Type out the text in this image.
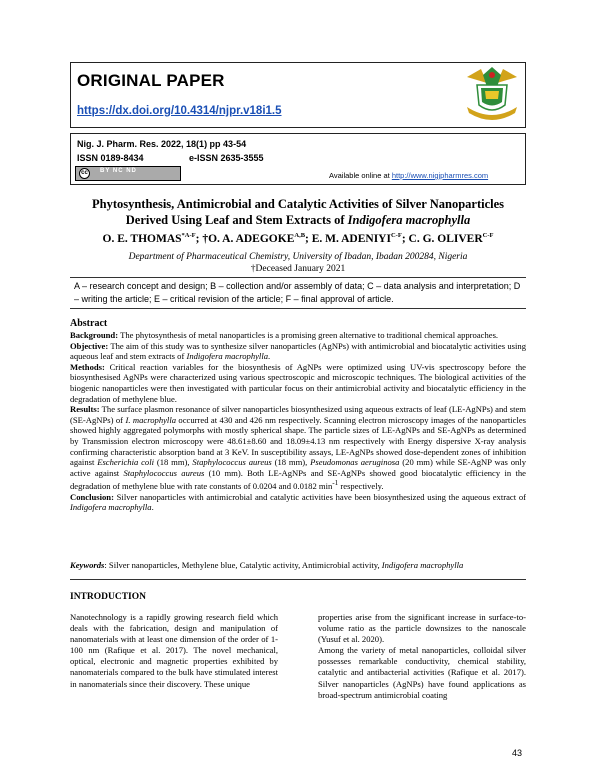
ORIGINAL PAPER
https://dx.doi.org/10.4314/njpr.v18i1.5
Nig. J. Pharm. Res. 2022, 18(1) pp 43-54
ISSN 0189-8434	e-ISSN 2635-3555
cc	BY NC ND	Available online at http://www.nigjpharmres.com
Phytosynthesis, Antimicrobial and Catalytic Activities of Silver Nanoparticles
Derived Using Leaf and Stem Extracts of Indigofera macrophylla
O. E. $THOMAS^{*A-F}$; †O. A. $ADEGOKE^{A,B}$; E. M. $ADENIYI^{C-F}$; C. G. $OLIVER^{C-F}$
Department of Pharmaceutical Chemistry, University of Ibadan, Ibadan 200284, Nigeria
†Deceased January 2021
A – research concept and design; B – collection and/or assembly of data; C – data analysis and interpretation; D – writing the article; E – critical revision of the article; F – final approval of article.
Abstract

Background: The phytosynthesis of metal nanoparticles is a promising green alternative to traditional chemical approaches.

Objective: The aim of this study was to synthesize silver nanoparticles (AgNPs) with antimicrobial and biocatalytic activities using aqueous leaf and stem extracts of Indigofera macrophylla.

Methods: Critical reaction variables for the biosynthesis of AgNPs were optimized using UV-vis spectroscopy before the biosynthesised AgNPs were characterized using various spectroscopic and microscopic techniques. The biological activities of the biogenic nanoparticles were then investigated with particular focus on their antimicrobial activity and biocatalytic efficiency in the degradation of methylene blue.

Results: The surface plasmon resonance of silver nanoparticles biosynthesized using aqueous extracts of leaf (LE-AgNPs) and stem (SE-AgNPs) of I. macrophylla occurred at 430 and 426 nm respectively. Scanning electron microscopy images of the nanoparticles showed highly aggregated polymorphs with mostly spherical shape. The particle sizes of LE-AgNPs and SE-AgNPs as determined by Transmission electron microscopy were 48.61±8.60 and 18.09±4.13 nm respectively with Energy dispersive X-ray analysis confirming characteristic absorption band at 3 KeV. In susceptibility assays, LE-AgNPs showed dose-dependent zones of inhibition against Escherichia coli (18 mm), Staphylococcus aureus (18 mm), Pseudomonas aeruginosa (20 mm) while SE-AgNP was only active against Staphylococcus aureus (10 mm). Both LE-AgNPs and SE-AgNPs showed good biocatalytic efficiency in the degradation of methylene blue with rate constants of 0.0204 and 0.0182 $\min^{-1}$ respectively.

Conclusion: Silver nanoparticles with antimicrobial and catalytic activities have been biosynthesized using the aqueous extract of Indigofera macrophylla.

Keywords: Silver nanoparticles, Methylene blue, Catalytic activity, Antimicrobial activity, Indigofera macrophylla
INTRODUCTION

Nanotechnology is a rapidly growing research field which deals with the fabrication, design and manipulation of nanomaterials with at least one dimension of the order of 1-100 nm (Rafique et al. 2017). The novel mechanical, optical, electronic and magnetic properties exhibited by nanomaterials compared to the bulk have stimulated interest in nanomaterials since their discovery. These unique

properties arise from the significant increase in surface-to-volume ratio as the particle downsizes to the nanoscale (Yusuf et al. 2020).

Among the variety of metal nanoparticles, colloidal silver possesses remarkable conductivity, chemical stability, catalytic and antibacterial activities (Rafique et al. 2017). Silver nanoparticles (AgNPs) have found applications as broad-spectrum antimicrobial coating

43
